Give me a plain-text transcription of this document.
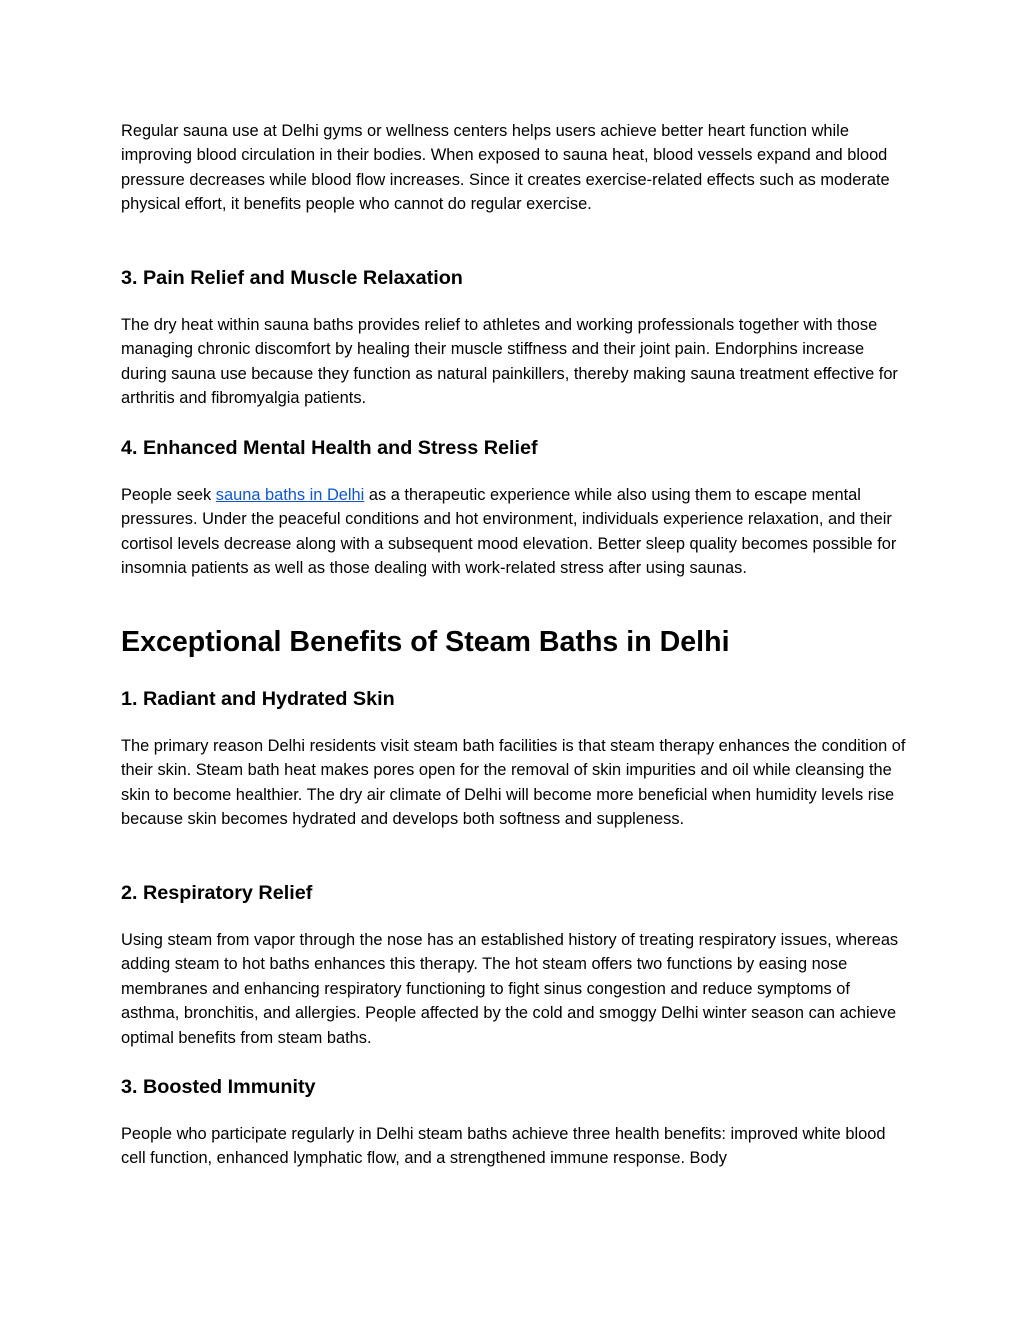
Regular sauna use at Delhi gyms or wellness centers helps users achieve better heart function while improving blood circulation in their bodies. When exposed to sauna heat, blood vessels expand and blood pressure decreases while blood flow increases. Since it creates exercise-related effects such as moderate physical effort, it benefits people who cannot do regular exercise.

3. Pain Relief and Muscle Relaxation

The dry heat within sauna baths provides relief to athletes and working professionals together with those managing chronic discomfort by healing their muscle stiffness and their joint pain. Endorphins increase during sauna use because they function as natural painkillers, thereby making sauna treatment effective for arthritis and fibromyalgia patients.

4. Enhanced Mental Health and Stress Relief

People seek sauna baths in Delhi as a therapeutic experience while also using them to escape mental pressures. Under the peaceful conditions and hot environment, individuals experience relaxation, and their cortisol levels decrease along with a subsequent mood elevation. Better sleep quality becomes possible for insomnia patients as well as those dealing with work-related stress after using saunas.

Exceptional Benefits of Steam Baths in Delhi
1. Radiant and Hydrated Skin

The primary reason Delhi residents visit steam bath facilities is that steam therapy enhances the condition of their skin. Steam bath heat makes pores open for the removal of skin impurities and oil while cleansing the skin to become healthier. The dry air climate of Delhi will become more beneficial when humidity levels rise because skin becomes hydrated and develops both softness and suppleness.

2. Respiratory Relief

Using steam from vapor through the nose has an established history of treating respiratory issues, whereas adding steam to hot baths enhances this therapy. The hot steam offers two functions by easing nose membranes and enhancing respiratory functioning to fight sinus congestion and reduce symptoms of asthma, bronchitis, and allergies. People affected by the cold and smoggy Delhi winter season can achieve optimal benefits from steam baths.

3. Boosted Immunity

People who participate regularly in Delhi steam baths achieve three health benefits: improved white blood cell function, enhanced lymphatic flow, and a strengthened immune response. Body
